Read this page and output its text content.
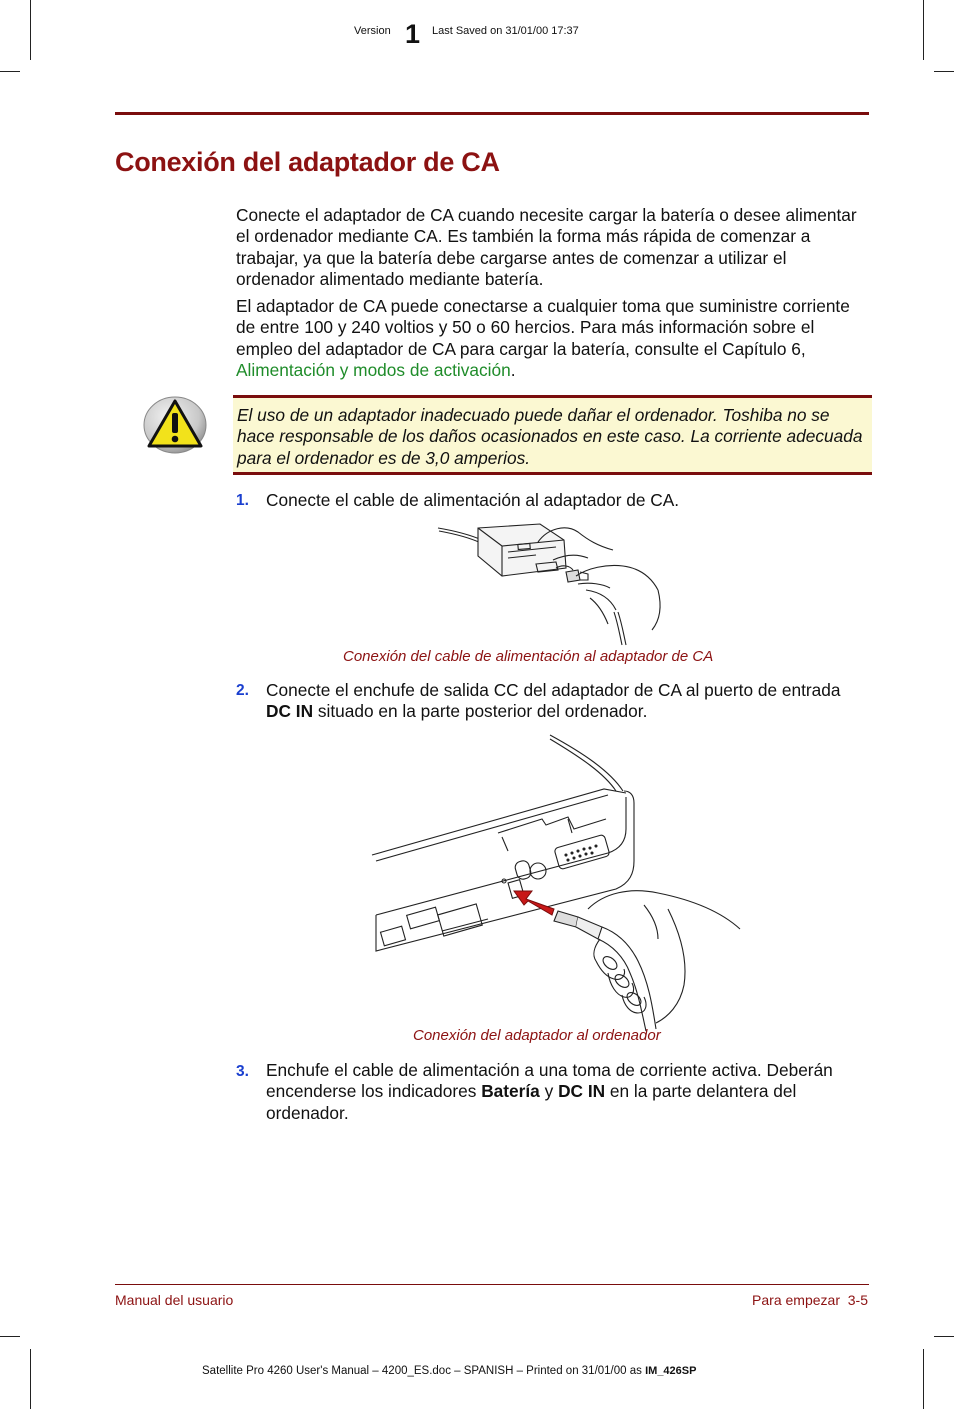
Version 1 Last Saved on 31/01/00 17:37
Conexión del adaptador de CA

Conecte el adaptador de CA cuando necesite cargar la batería o desee alimentar el ordenador mediante CA. Es también la forma más rápida de comenzar a trabajar, ya que la batería debe cargarse antes de comenzar a utilizar el ordenador alimentado mediante batería.

El adaptador de CA puede conectarse a cualquier toma que suministre corriente de entre 100 y 240 voltios y 50 o 60 hercios. Para más información sobre el empleo del adaptador de CA para cargar la batería, consulte el Capítulo 6, Alimentación y modos de activación.

El uso de un adaptador inadecuado puede dañar el ordenador. Toshiba no se hace responsable de los daños ocasionados en este caso. La corriente adecuada para el ordenador es de 3,0 amperios.

1. Conecte el cable de alimentación al adaptador de CA.

Conexión del cable de alimentación al adaptador de CA
2. Conecte el enchufe de salida CC del adaptador de CA al puerto de entrada DC IN situado en la parte posterior del ordenador.

Conexión del adaptador al ordenador
3. Enchufe el cable de alimentación a una toma de corriente activa. Deberán encenderse los indicadores Batería y DC IN en la parte delantera del ordenador.

Manual del usuario	Para empezar  3-5
Satellite Pro 4260 User's Manual – 4200_ES.doc – SPANISH – Printed on 31/01/00 as IM_426SP
